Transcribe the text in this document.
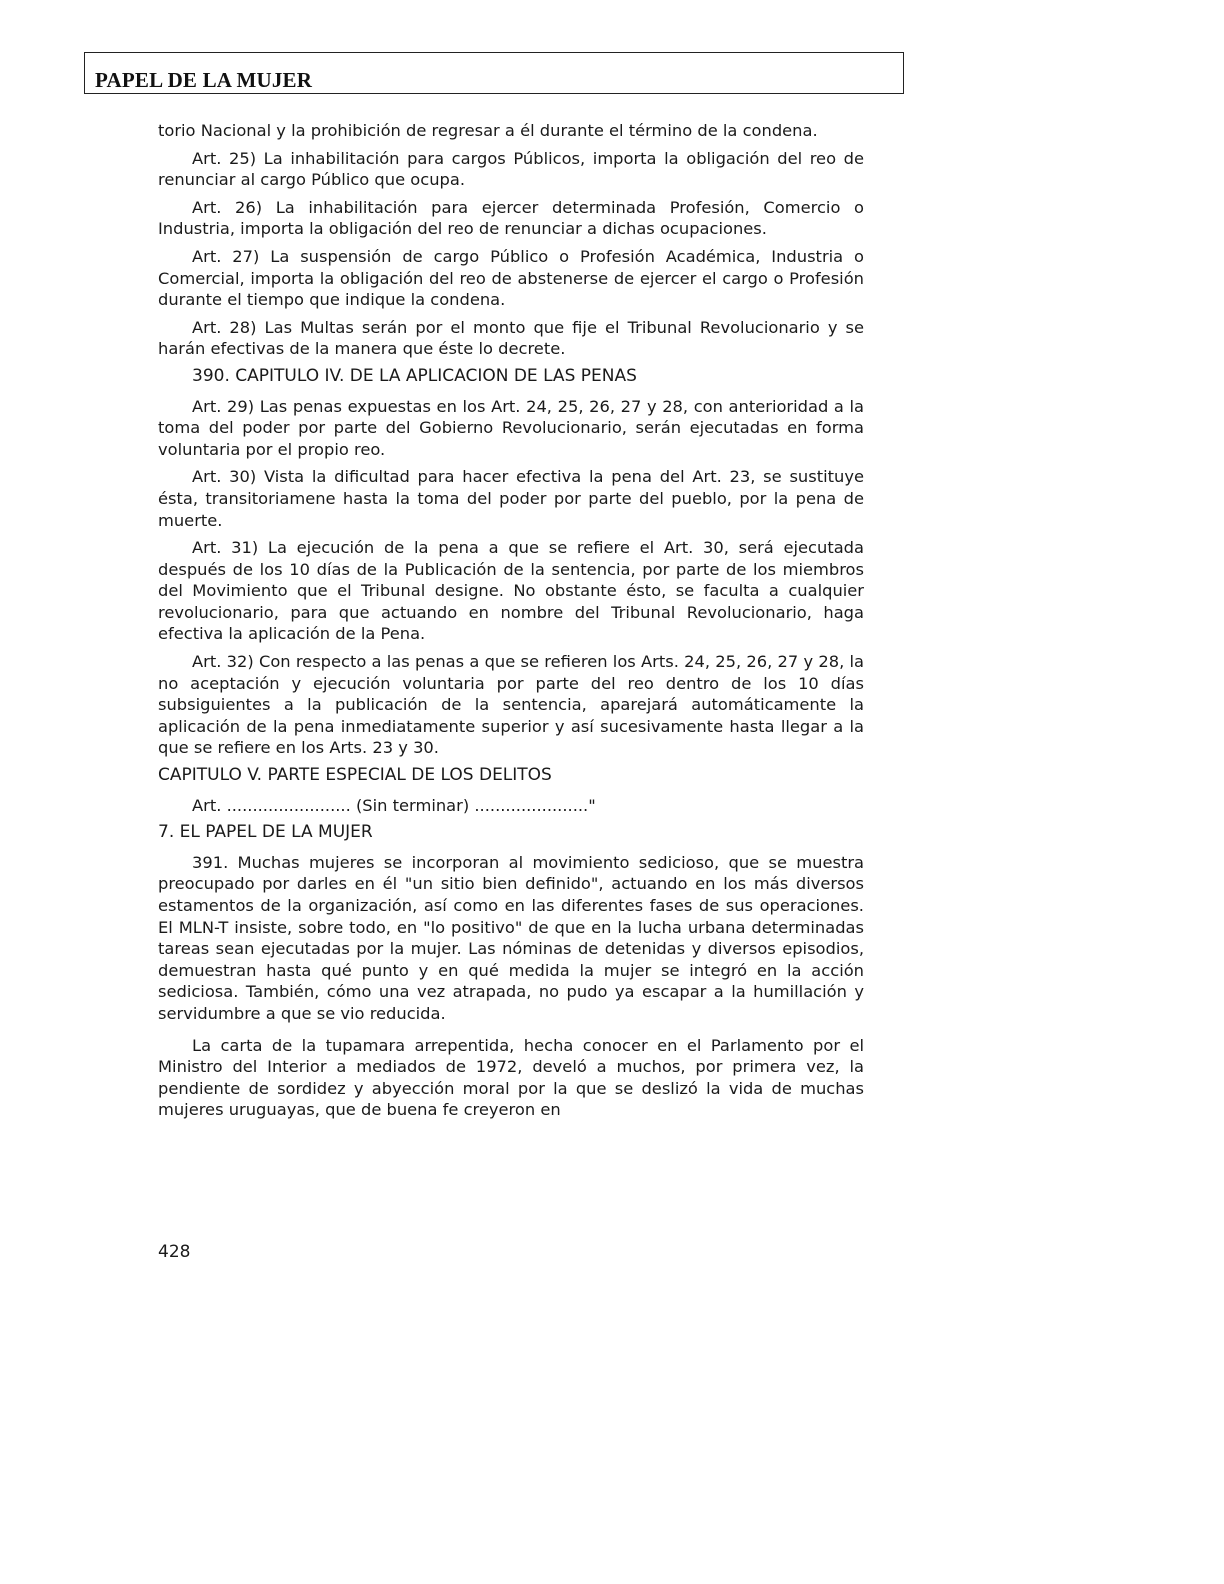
PAPEL DE LA MUJER

torio Nacional y la prohibición de regresar a él durante el término de la condena.

Art. 25) La inhabilitación para cargos Públicos, importa la obligación del reo de renunciar al cargo Público que ocupa.

Art. 26) La inhabilitación para ejercer determinada Profesión, Comercio o Industria, importa la obligación del reo de renunciar a dichas ocupaciones.

Art. 27) La suspensión de cargo Público o Profesión Académica, Industria o Comercial, importa la obligación del reo de abstenerse de ejercer el cargo o Profesión durante el tiempo que indique la condena.

Art. 28) Las Multas serán por el monto que fije el Tribunal Revolucionario y se harán efectivas de la manera que éste lo decrete.

390. CAPITULO IV. DE LA APLICACION DE LAS PENAS

Art. 29) Las penas expuestas en los Art. 24, 25, 26, 27 y 28, con anterioridad a la toma del poder por parte del Gobierno Revolucionario, serán ejecutadas en forma voluntaria por el propio reo.

Art. 30) Vista la dificultad para hacer efectiva la pena del Art. 23, se sustituye ésta, transitoriamene hasta la toma del poder por parte del pueblo, por la pena de muerte.

Art. 31) La ejecución de la pena a que se refiere el Art. 30, será ejecutada después de los 10 días de la Publicación de la sentencia, por parte de los miembros del Movimiento que el Tribunal designe. No obstante ésto, se faculta a cualquier revolucionario, para que actuando en nombre del Tribunal Revolucionario, haga efectiva la aplicación de la Pena.

Art. 32) Con respecto a las penas a que se refieren los Arts. 24, 25, 26, 27 y 28, la no aceptación y ejecución voluntaria por parte del reo dentro de los 10 días subsiguientes a la publicación de la sentencia, aparejará automáticamente la aplicación de la pena inmediatamente superior y así sucesivamente hasta llegar a la que se refiere en los Arts. 23 y 30.

CAPITULO V. PARTE ESPECIAL DE LOS DELITOS

Art. ........................ (Sin terminar) ......................"

7. EL PAPEL DE LA MUJER

391. Muchas mujeres se incorporan al movimiento sedicioso, que se muestra preocupado por darles en él "un sitio bien definido", actuando en los más diversos estamentos de la organización, así como en las diferentes fases de sus operaciones. El MLN-T insiste, sobre todo, en "lo positivo" de que en la lucha urbana determinadas tareas sean ejecutadas por la mujer. Las nóminas de detenidas y diversos episodios, demuestran hasta qué punto y en qué medida la mujer se integró en la acción sediciosa. También, cómo una vez atrapada, no pudo ya escapar a la humillación y servidumbre a que se vio reducida.

La carta de la tupamara arrepentida, hecha conocer en el Parlamento por el Ministro del Interior a mediados de 1972, develó a muchos, por primera vez, la pendiente de sordidez y abyección moral por la que se deslizó la vida de muchas mujeres uruguayas, que de buena fe creyeron en

428
